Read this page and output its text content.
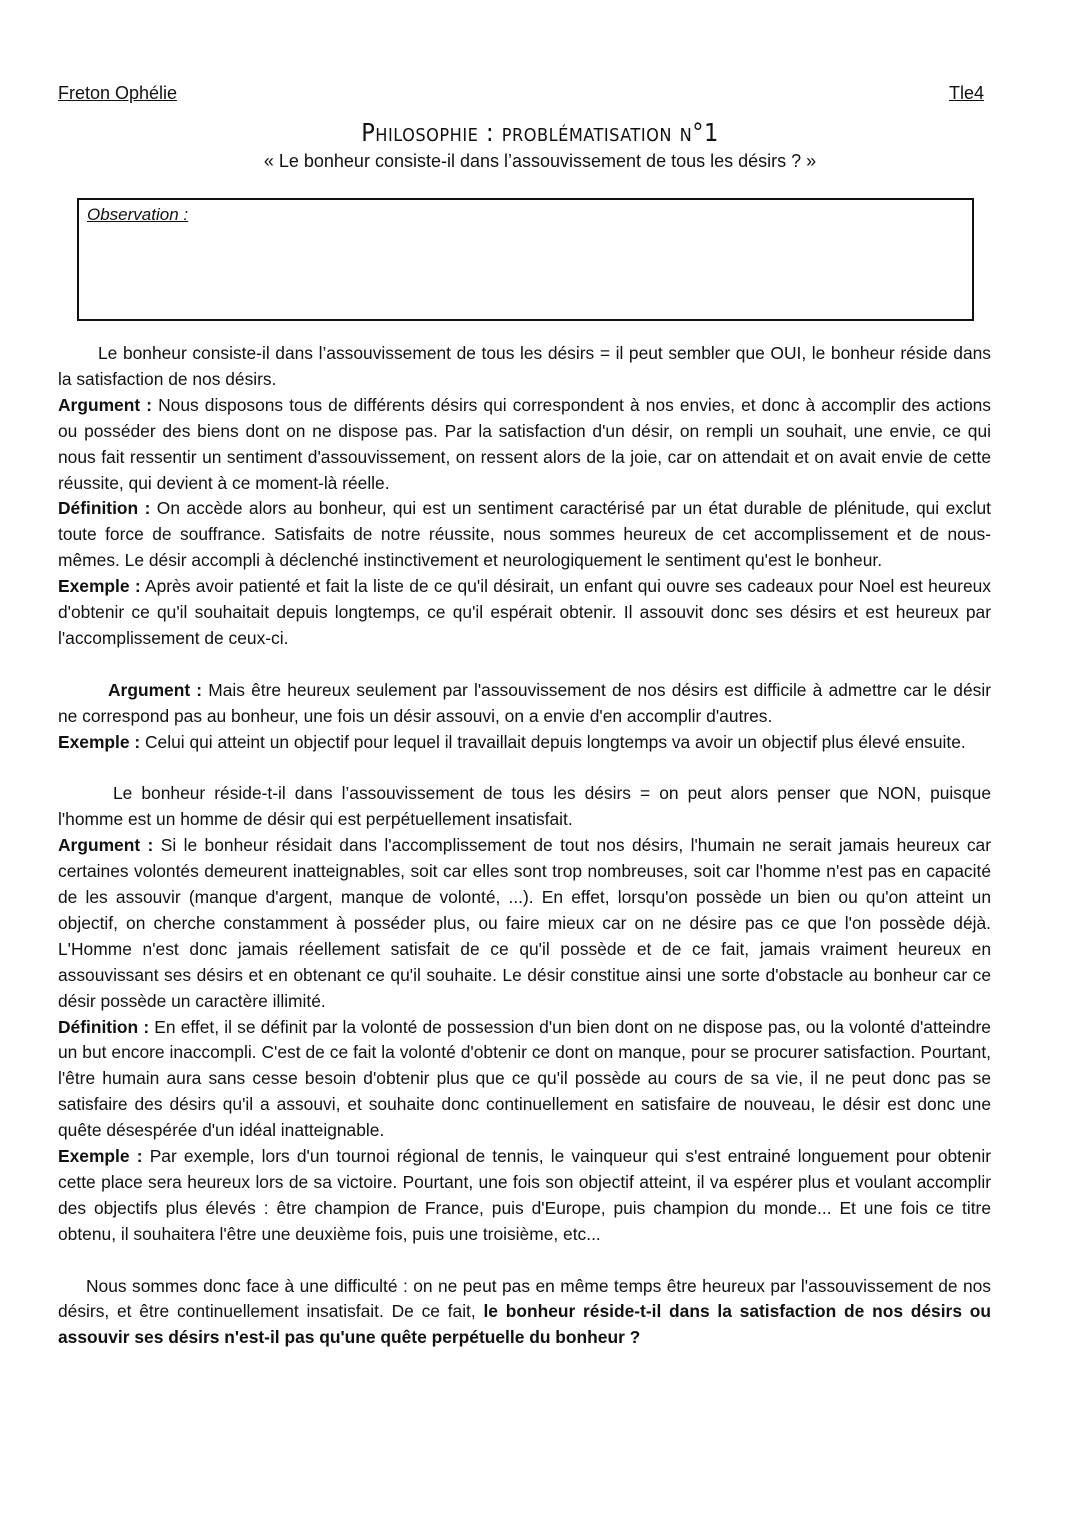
Freton Ophélie	Tle4
Philosophie : problématisation n°1
« Le bonheur consiste-il dans l’assouvissement de tous les désirs ? »
Observation :

Le bonheur consiste-il dans l’assouvissement de tous les désirs = il peut sembler que OUI, le bonheur réside dans la satisfaction de nos désirs.

Argument : Nous disposons tous de différents désirs qui correspondent à nos envies, et donc à accomplir des actions ou posséder des biens dont on ne dispose pas. Par la satisfaction d'un désir, on rempli un souhait, une envie, ce qui nous fait ressentir un sentiment d'assouvissement, on ressent alors de la joie, car on attendait et on avait envie de cette réussite, qui devient à ce moment-là réelle.

Définition : On accède alors au bonheur, qui est un sentiment caractérisé par un état durable de plénitude, qui exclut toute force de souffrance. Satisfaits de notre réussite, nous sommes heureux de cet accomplissement et de nous-mêmes. Le désir accompli à déclenché instinctivement et neurologiquement le sentiment qu'est le bonheur.

Exemple : Après avoir patienté et fait la liste de ce qu'il désirait, un enfant qui ouvre ses cadeaux pour Noel est heureux d'obtenir ce qu'il souhaitait depuis longtemps, ce qu'il espérait obtenir. Il assouvit donc ses désirs et est heureux par l'accomplissement de ceux-ci.

Argument : Mais être heureux seulement par l'assouvissement de nos désirs est difficile à admettre car le désir ne correspond pas au bonheur, une fois un désir assouvi, on a envie d'en accomplir d'autres.

Exemple : Celui qui atteint un objectif pour lequel il travaillait depuis longtemps va avoir un objectif plus élevé ensuite.

Le bonheur réside-t-il dans l’assouvissement de tous les désirs = on peut alors penser que NON, puisque l'homme est un homme de désir qui est perpétuellement insatisfait.

Argument : Si le bonheur résidait dans l'accomplissement de tout nos désirs, l'humain ne serait jamais heureux car certaines volontés demeurent inatteignables, soit car elles sont trop nombreuses, soit car l'homme n'est pas en capacité de les assouvir (manque d'argent, manque de volonté, ...). En effet, lorsqu'on possède un bien ou qu'on atteint un objectif, on cherche constamment à posséder plus, ou faire mieux car on ne désire pas ce que l'on possède déjà. L'Homme n'est donc jamais réellement satisfait de ce qu'il possède et de ce fait, jamais vraiment heureux en assouvissant ses désirs et en obtenant ce qu'il souhaite. Le désir constitue ainsi une sorte d'obstacle au bonheur car ce désir possède un caractère illimité.

Définition : En effet, il se définit par la volonté de possession d'un bien dont on ne dispose pas, ou la volonté d'atteindre un but encore inaccompli. C'est de ce fait la volonté d'obtenir ce dont on manque, pour se procurer satisfaction. Pourtant, l'être humain aura sans cesse besoin d'obtenir plus que ce qu'il possède au cours de sa vie, il ne peut donc pas se satisfaire des désirs qu'il a assouvi, et souhaite donc continuellement en satisfaire de nouveau, le désir est donc une quête désespérée d'un idéal inatteignable.

Exemple : Par exemple, lors d'un tournoi régional de tennis, le vainqueur qui s'est entrainé longuement pour obtenir cette place sera heureux lors de sa victoire. Pourtant, une fois son objectif atteint, il va espérer plus et voulant accomplir des objectifs plus élevés : être champion de France, puis d'Europe, puis champion du monde... Et une fois ce titre obtenu, il souhaitera l'être une deuxième fois, puis une troisième, etc...

Nous sommes donc face à une difficulté : on ne peut pas en même temps être heureux par l'assouvissement de nos désirs, et être continuellement insatisfait. De ce fait, le bonheur réside-t-il dans la satisfaction de nos désirs ou assouvir ses désirs n'est-il pas qu'une quête perpétuelle du bonheur ?
